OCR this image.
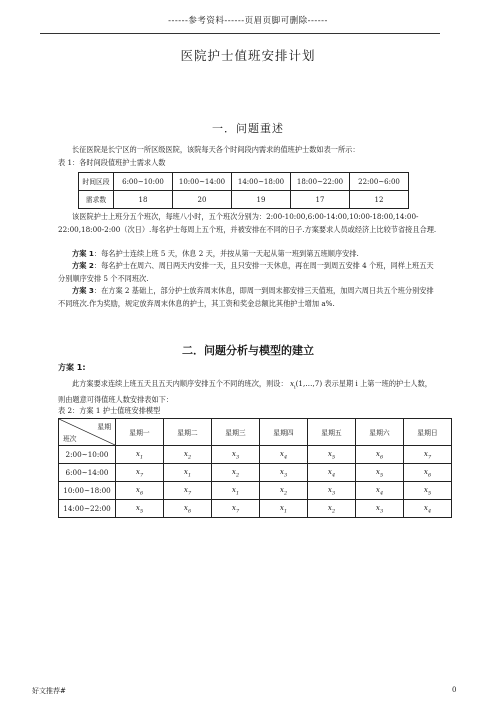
------参考资料------页眉页脚可删除------
医院护士值班安排计划
一．问题重述
长征医院是长宁区的一所区级医院，该院每天各个时间段内需求的值班护士数如表一所示：
表 1：各时间段值班护士需求人数
时间区段	6:00~10:00	10:00~14:00	14:00~18:00	18:00~22:00	22:00~6:00
需求数	18	20	19	17	12
该医院护士上班分五个班次，每班八小时，五个班次分别为：2:00-10:00,6:00-14:00,10:00-18:00,14:00-22:00,18:00-2:00（次日）.每名护士每周上五个班，并被安排在不同的日子.方案要求人员或经济上比较节省接且合理.
方案 1：每名护士连续上班 5 天，休息 2 天，并按从第一天起从第一班到第五班顺序安排.
方案 2：每名护士在周六、周日两天内安排一天，且只安排一天休息，再在周一到周五安排 4 个班，同样上班五天分别顺序安排 5 个不同班次.
方案 3：在方案 2 基础上，部分护士放弃周末休息，即周一到周末都安排三天值班，加周六周日共五个班分别安排不同班次.作为奖励，规定放弃周末休息的护士，其工资和奖金总额比其他护士增加 a%.
二．问题分析与模型的建立
方案 1:
此方案要求连续上班五天且五天内顺序安排五个不同的班次，则设： $x_i(1,\dots,7)$ 表示星期 i 上第一班的护士人数，则由题意可得值班人数安排表如下：
表 2：方案 1 护士值班安排模型
星期
班次	星期一	星期二	星期三	星期四	星期五	星期六	星期日
2:00~10:00	$x_1$	$x_2$	$x_3$	$x_4$	$x_5$	$x_6$	$x_7$
6:00~14:00	$x_7$	$x_1$	$x_2$	$x_3$	$x_4$	$x_5$	$x_6$
10:00~18:00	$x_6$	$x_7$	$x_1$	$x_2$	$x_3$	$x_4$	$x_5$
14:00~22:00	$x_5$	$x_6$	$x_7$	$x_1$	$x_2$	$x_3$	$x_4$
好文推荐#	0
